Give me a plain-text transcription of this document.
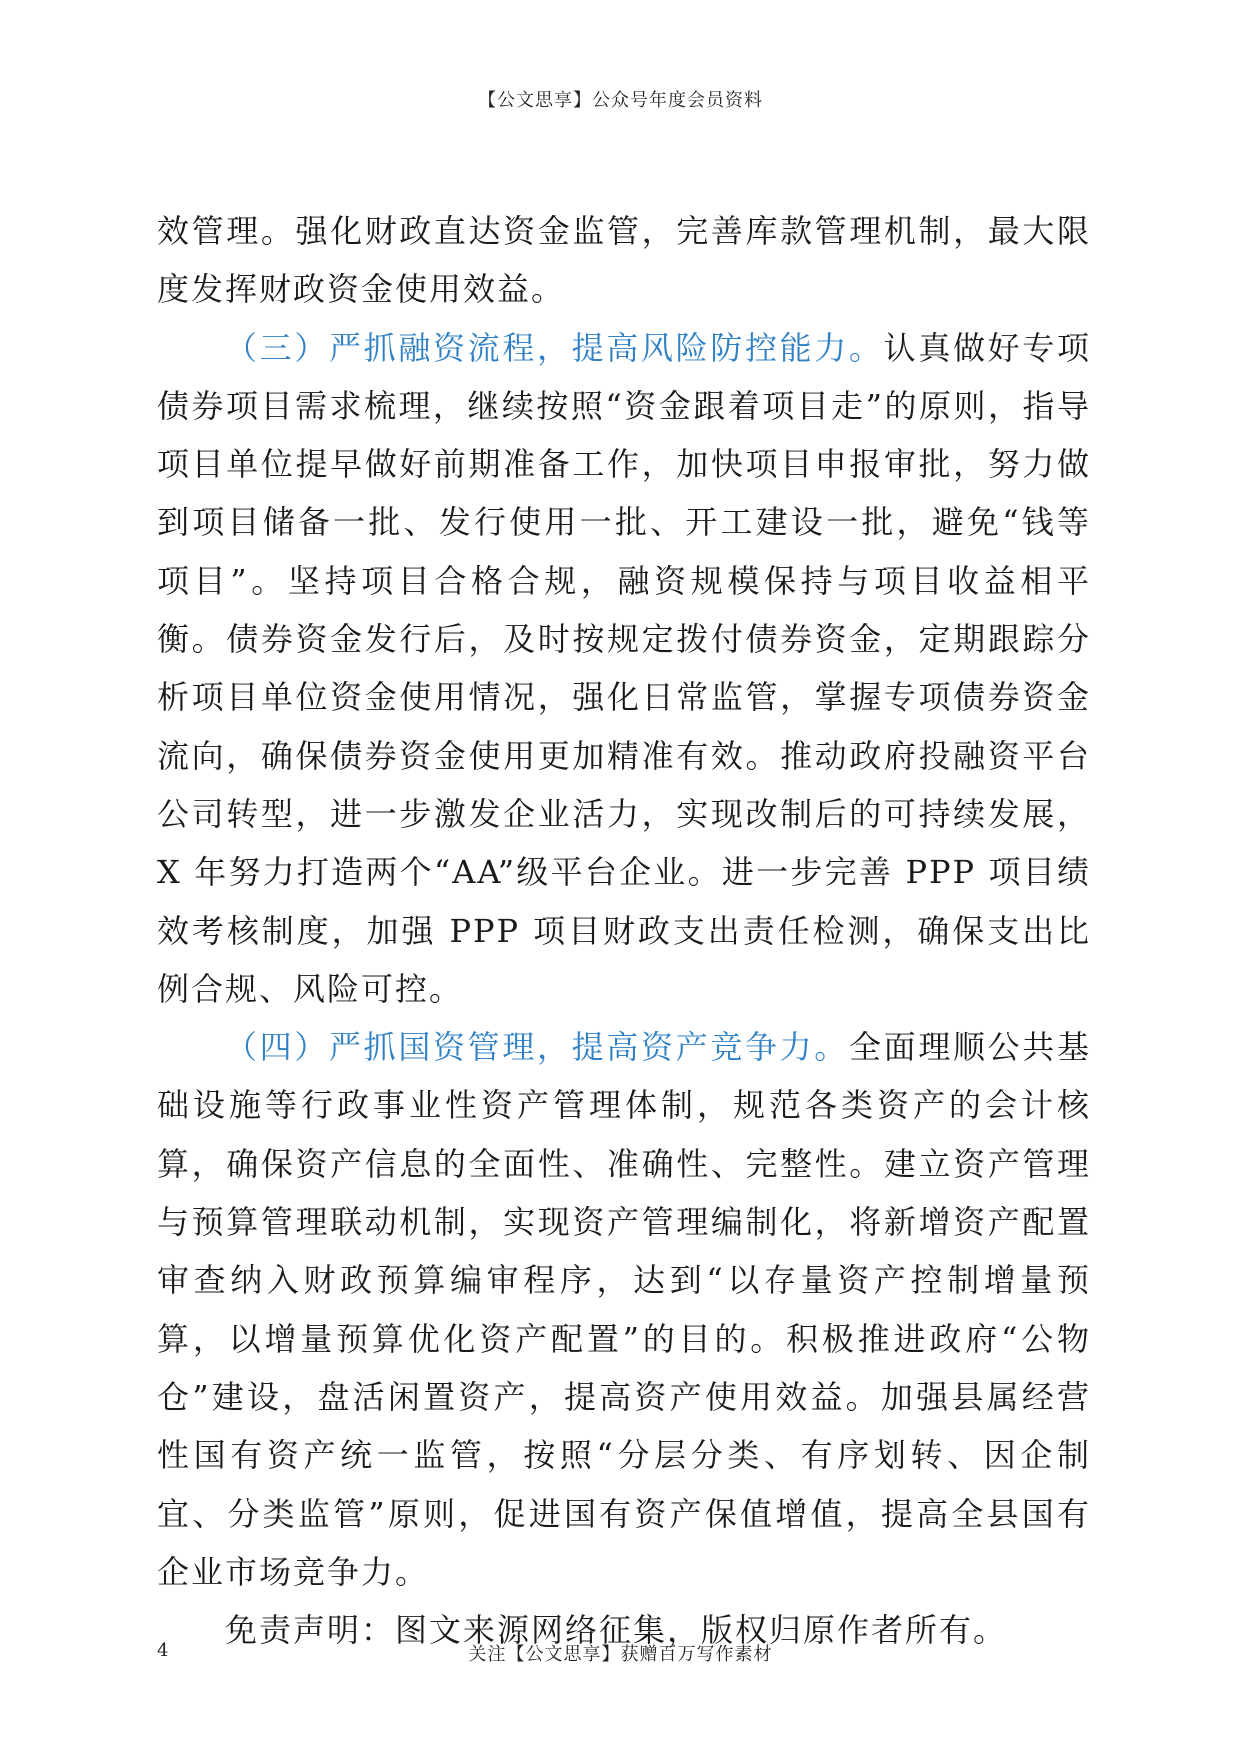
【公文思享】公众号年度会员资料

效管理。强化财政直达资金监管，完善库款管理机制，最大限度发挥财政资金使用效益。

（三）严抓融资流程，提高风险防控能力。认真做好专项债券项目需求梳理，继续按照“资金跟着项目走”的原则，指导项目单位提早做好前期准备工作，加快项目申报审批，努力做到项目储备一批、发行使用一批、开工建设一批，避免“钱等项目”。坚持项目合格合规，融资规模保持与项目收益相平衡。债券资金发行后，及时按规定拨付债券资金，定期跟踪分析项目单位资金使用情况，强化日常监管，掌握专项债券资金流向，确保债券资金使用更加精准有效。推动政府投融资平台公司转型，进一步激发企业活力，实现改制后的可持续发展，X 年努力打造两个“AA”级平台企业。进一步完善 PPP 项目绩效考核制度，加强 PPP 项目财政支出责任检测，确保支出比例合规、风险可控。

（四）严抓国资管理，提高资产竞争力。全面理顺公共基础设施等行政事业性资产管理体制，规范各类资产的会计核算，确保资产信息的全面性、准确性、完整性。建立资产管理与预算管理联动机制，实现资产管理编制化，将新增资产配置审查纳入财政预算编审程序，达到“以存量资产控制增量预算，以增量预算优化资产配置”的目的。积极推进政府“公物仓”建设，盘活闲置资产，提高资产使用效益。加强县属经营性国有资产统一监管，按照“分层分类、有序划转、因企制宜、分类监管”原则，促进国有资产保值增值，提高全县国有企业市场竞争力。

免责声明：图文来源网络征集，版权归原作者所有。

关注【公文思享】获赠百万写作素材
4
